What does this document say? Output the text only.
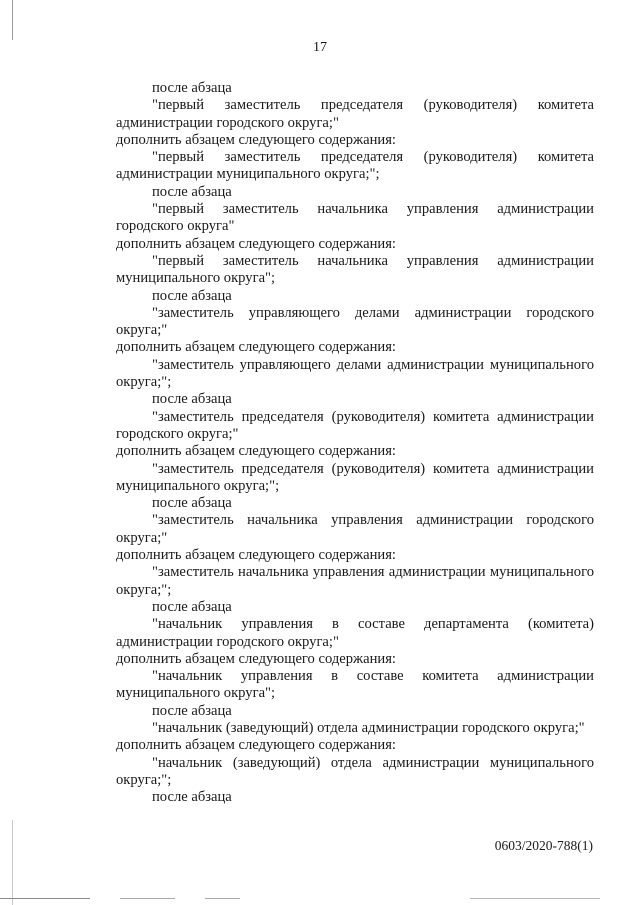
17

после абзаца

"первый заместитель председателя (руководителя) комитета администрации городского округа;"

дополнить абзацем следующего содержания:

"первый заместитель председателя (руководителя) комитета администрации муниципального округа;";

после абзаца

"первый заместитель начальника управления администрации городского округа"

дополнить абзацем следующего содержания:

"первый заместитель начальника управления администрации муниципального округа";

после абзаца

"заместитель управляющего делами администрации городского округа;"

дополнить абзацем следующего содержания:

"заместитель управляющего делами администрации муниципального округа;";

после абзаца

"заместитель председателя (руководителя) комитета администрации городского округа;"

дополнить абзацем следующего содержания:

"заместитель председателя (руководителя) комитета администрации муниципального округа;";

после абзаца

"заместитель начальника управления администрации городского округа;"

дополнить абзацем следующего содержания:

"заместитель начальника управления администрации муниципального округа;";

после абзаца

"начальник управления в составе департамента (комитета) администрации городского округа;"

дополнить абзацем следующего содержания:

"начальник управления в составе комитета администрации муниципального округа";

после абзаца

"начальник (заведующий) отдела администрации городского округа;"

дополнить абзацем следующего содержания:

"начальник (заведующий) отдела администрации муниципального округа;";

после абзаца

0603/2020-788(1)
